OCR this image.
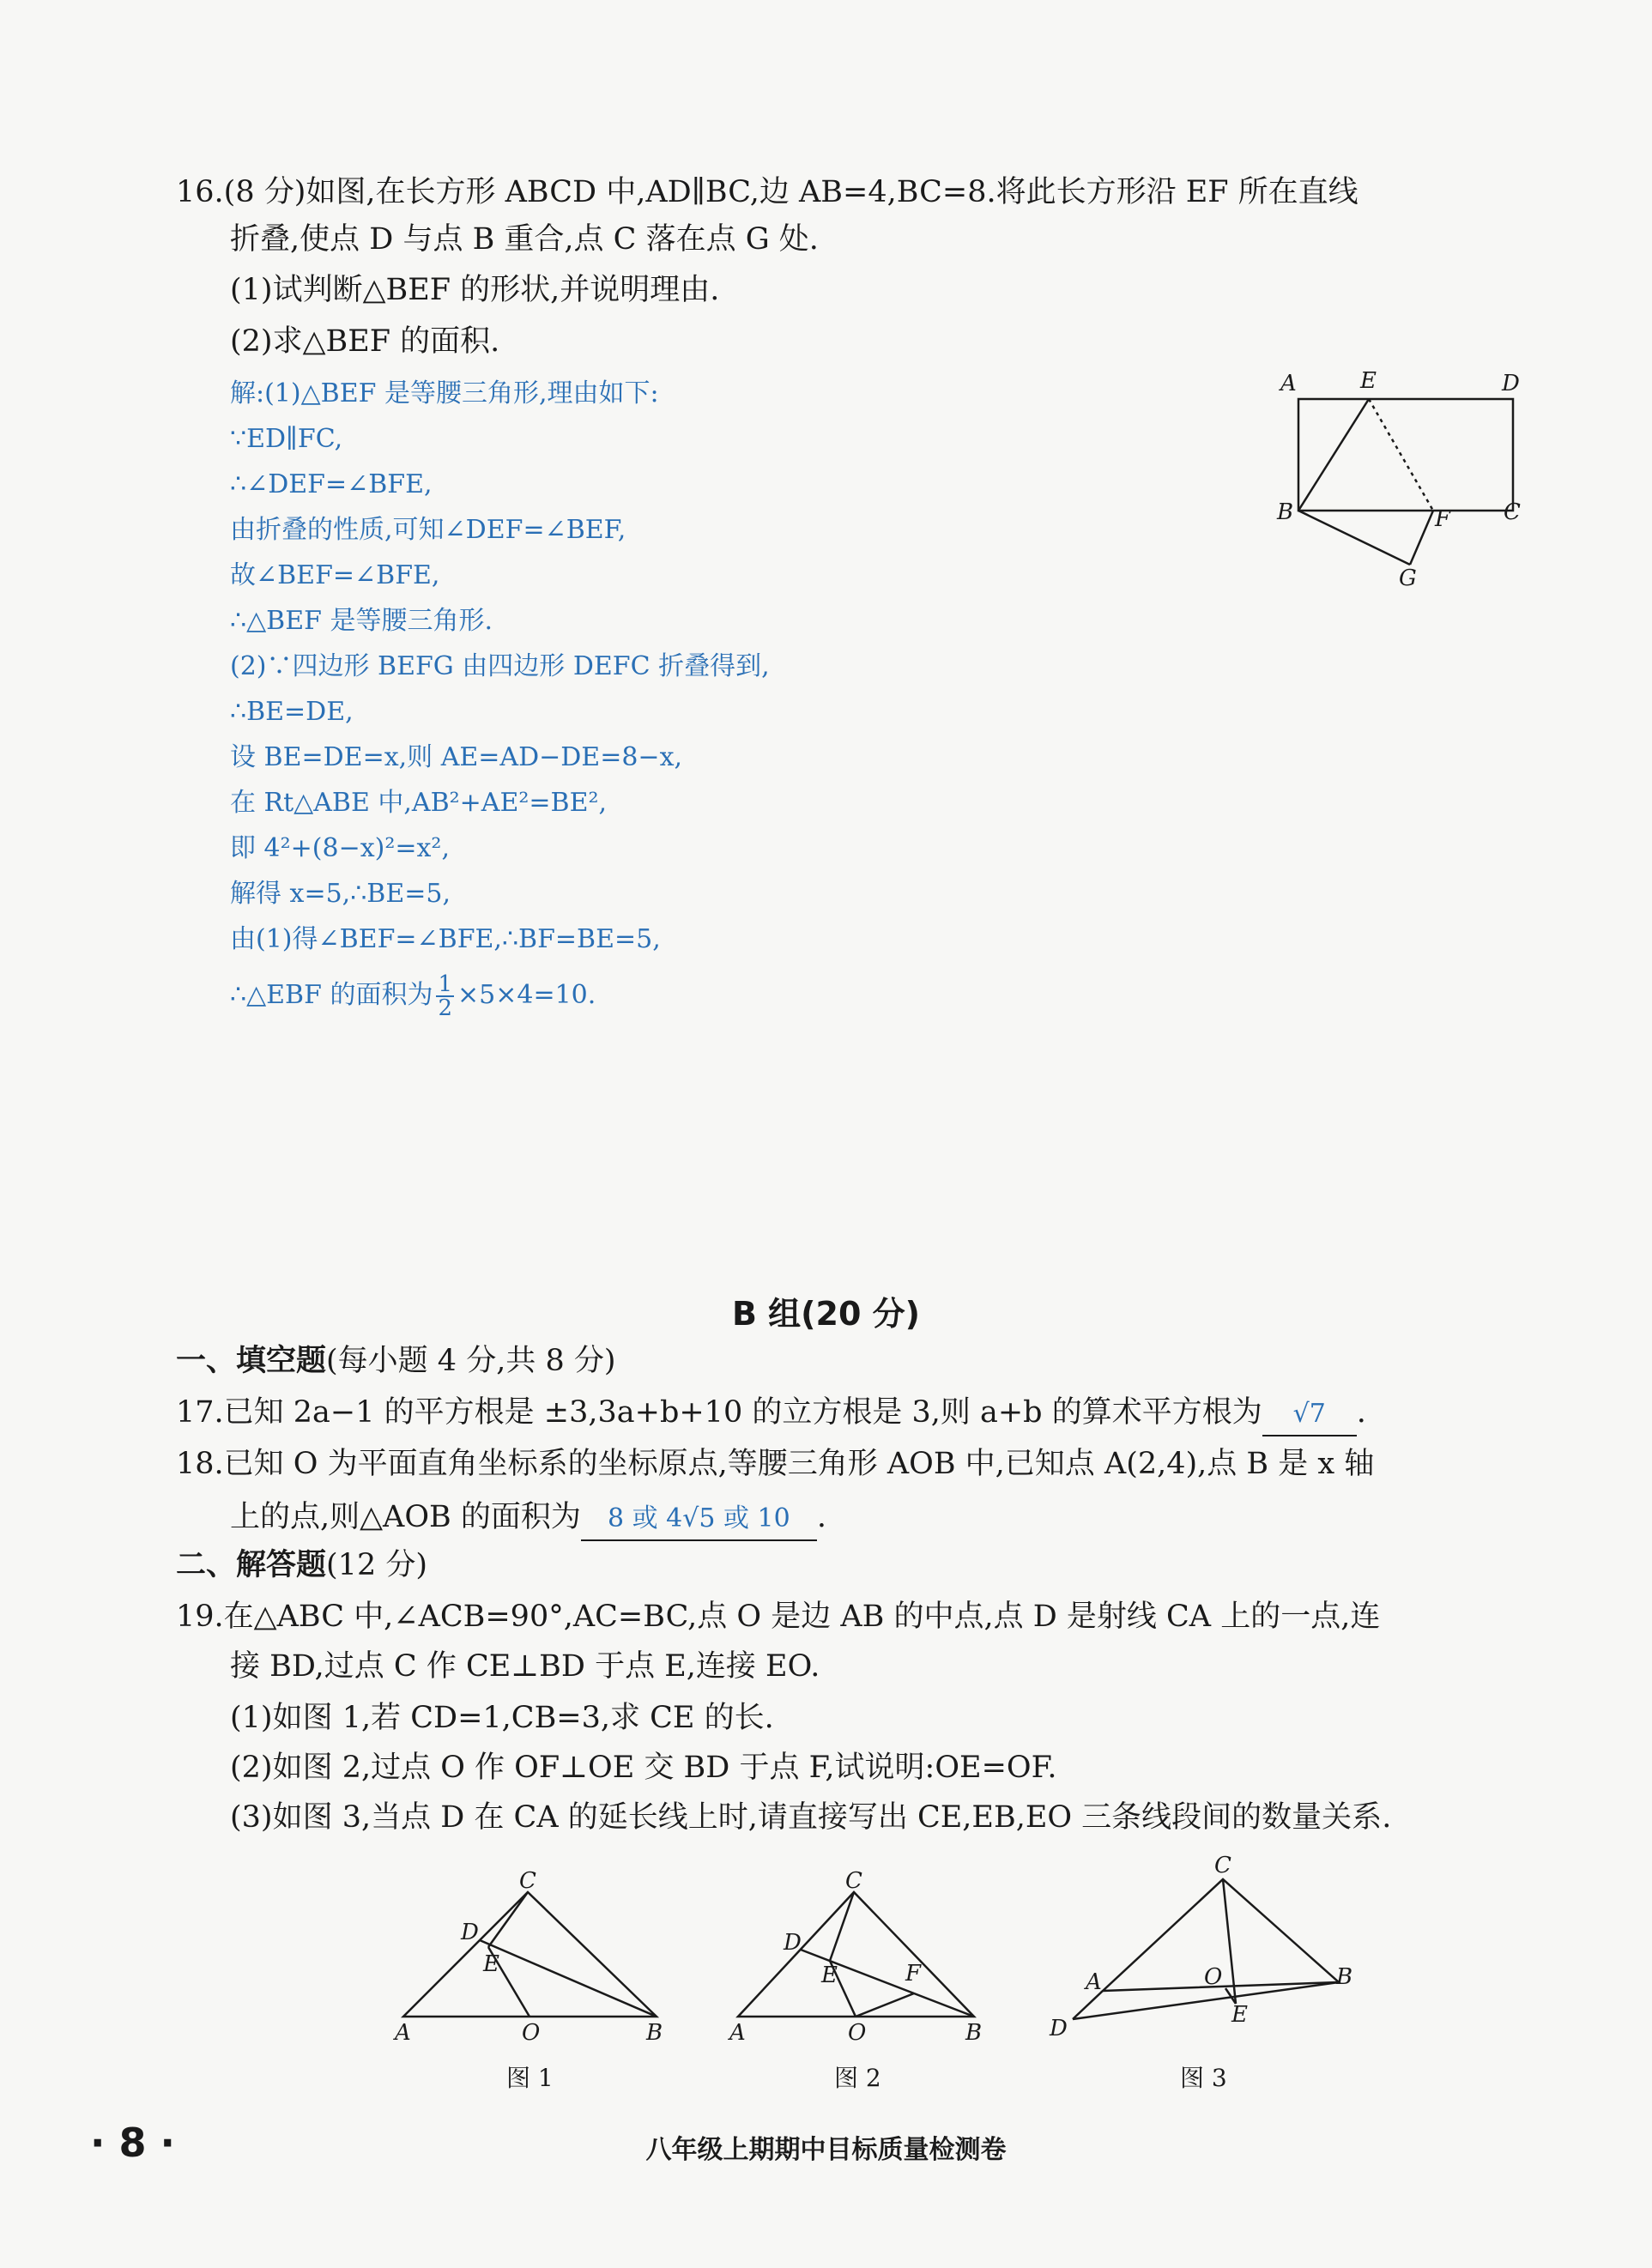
16.(8 分)如图,在长方形 ABCD 中,AD∥BC,边 AB=4,BC=8.将此长方形沿 EF 所在直线
折叠,使点 D 与点 B 重合,点 C 落在点 G 处.
(1)试判断△BEF 的形状,并说明理由.
(2)求△BEF 的面积.
解:(1)△BEF 是等腰三角形,理由如下:
∵ED∥FC,
∴∠DEF=∠BFE,
由折叠的性质,可知∠DEF=∠BEF,
故∠BEF=∠BFE,
∴△BEF 是等腰三角形.
(2)∵四边形 BEFG 由四边形 DEFC 折叠得到,
∴BE=DE,
设 BE=DE=x,则 AE=AD−DE=8−x,
在 Rt△ABE 中,AB²+AE²=BE²,
即 4²+(8−x)²=x²,
解得 x=5,∴BE=5,
由(1)得∠BEF=∠BFE,∴BF=BE=5,
∴△EBF 的面积为 $\frac{1}{2} \times 5\times 4=10$.
A	E	D
B	F C
G
B 组(20 分)
一、填空题(每小题 4 分,共 8 分)
17.已知 2a−1 的平方根是 ±3,3a+b+10 的立方根是 3,则 a+b 的算术平方根为 √7 .
18.已知 O 为平面直角坐标系的坐标原点,等腰三角形 AOB 中,已知点 A(2,4),点 B 是 x 轴
上的点,则△AOB 的面积为 8 或 4√5 或 10 .
二、解答题(12 分)
19.在△ABC 中,∠ACB=90°,AC=BC,点 O 是边 AB 的中点,点 D 是射线 CA 上的一点,连
接 BD,过点 C 作 CE⊥BD 于点 E,连接 EO.
(1)如图 1,若 CD=1,CB=3,求 CE 的长.
(2)如图 2,过点 O 作 OF⊥OE 交 BD 于点 F,试说明:OE=OF.
(3)如图 3,当点 D 在 CA 的延长线上时,请直接写出 CE,EB,EO 三条线段间的数量关系.
C
D
E
A	O	B
图 1
C
D
E	F
A	O	B
图 2
C
A	O	B
E
D
图 3
· 8 ·	八年级上期期中目标质量检测卷
